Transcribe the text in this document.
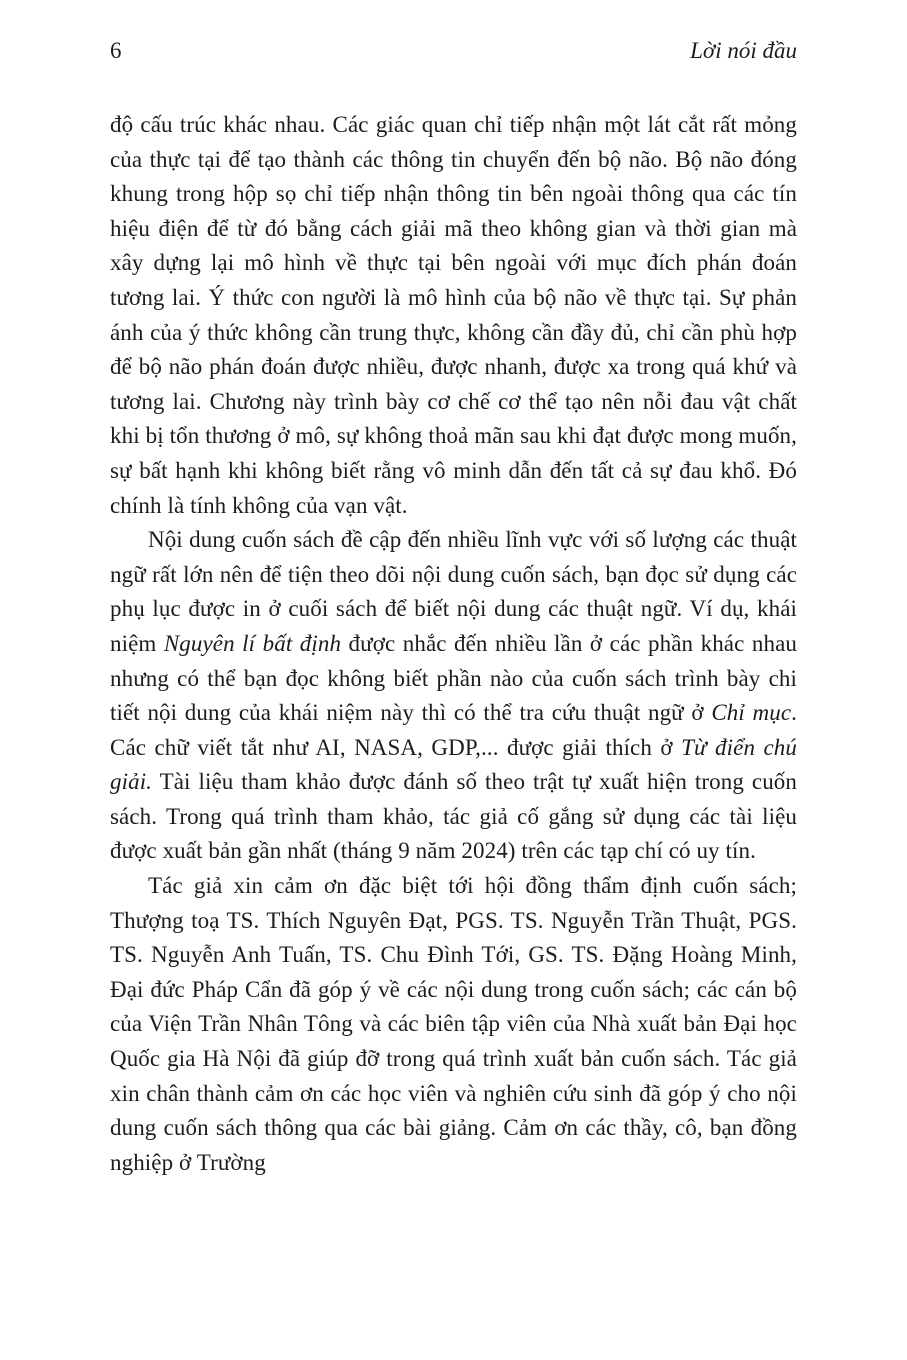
6	Lời nói đầu

độ cấu trúc khác nhau. Các giác quan chỉ tiếp nhận một lát cắt rất mỏng của thực tại để tạo thành các thông tin chuyển đến bộ não. Bộ não đóng khung trong hộp sọ chỉ tiếp nhận thông tin bên ngoài thông qua các tín hiệu điện để từ đó bằng cách giải mã theo không gian và thời gian mà xây dựng lại mô hình về thực tại bên ngoài với mục đích phán đoán tương lai. Ý thức con người là mô hình của bộ não về thực tại. Sự phản ánh của ý thức không cần trung thực, không cần đầy đủ, chỉ cần phù hợp để bộ não phán đoán được nhiều, được nhanh, được xa trong quá khứ và tương lai. Chương này trình bày cơ chế cơ thể tạo nên nỗi đau vật chất khi bị tổn thương ở mô, sự không thoả mãn sau khi đạt được mong muốn, sự bất hạnh khi không biết rằng vô minh dẫn đến tất cả sự đau khổ. Đó chính là tính không của vạn vật.

Nội dung cuốn sách đề cập đến nhiều lĩnh vực với số lượng các thuật ngữ rất lớn nên để tiện theo dõi nội dung cuốn sách, bạn đọc sử dụng các phụ lục được in ở cuối sách để biết nội dung các thuật ngữ. Ví dụ, khái niệm Nguyên lí bất định được nhắc đến nhiều lần ở các phần khác nhau nhưng có thể bạn đọc không biết phần nào của cuốn sách trình bày chi tiết nội dung của khái niệm này thì có thể tra cứu thuật ngữ ở Chỉ mục. Các chữ viết tắt như AI, NASA, GDP,... được giải thích ở Từ điển chú giải. Tài liệu tham khảo được đánh số theo trật tự xuất hiện trong cuốn sách. Trong quá trình tham khảo, tác giả cố gắng sử dụng các tài liệu được xuất bản gần nhất (tháng 9 năm 2024) trên các tạp chí có uy tín.

Tác giả xin cảm ơn đặc biệt tới hội đồng thẩm định cuốn sách; Thượng toạ TS. Thích Nguyên Đạt, PGS. TS. Nguyễn Trần Thuật, PGS. TS. Nguyễn Anh Tuấn, TS. Chu Đình Tới, GS. TS. Đặng Hoàng Minh, Đại đức Pháp Cẩn đã góp ý về các nội dung trong cuốn sách; các cán bộ của Viện Trần Nhân Tông và các biên tập viên của Nhà xuất bản Đại học Quốc gia Hà Nội đã giúp đỡ trong quá trình xuất bản cuốn sách. Tác giả xin chân thành cảm ơn các học viên và nghiên cứu sinh đã góp ý cho nội dung cuốn sách thông qua các bài giảng. Cảm ơn các thầy, cô, bạn đồng nghiệp ở Trường
